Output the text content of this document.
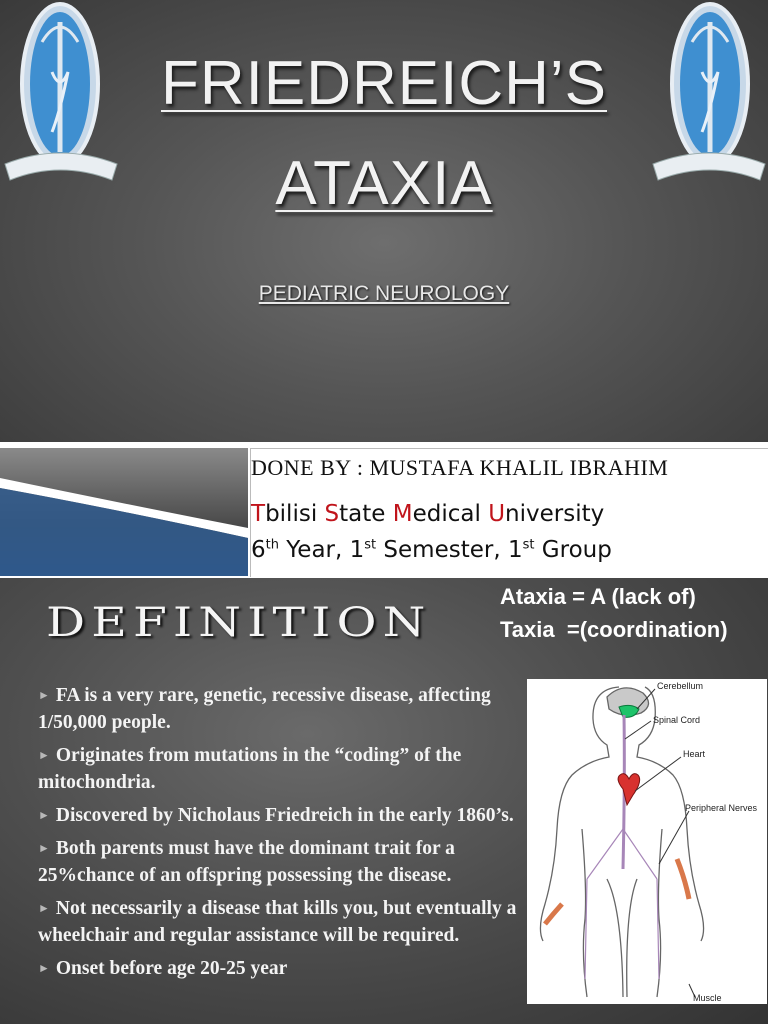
FRIEDREICH’S
ATAXIA
PEDIATRIC NEUROLOGY
DONE BY : MUSTAFA KHALIL IBRAHIM
Tbilisi State Medical University
6th Year, 1st Semester, 1st Group
DEFINITION
Ataxia = A (lack of)
Taxia  =(coordination)
► FA is a very rare, genetic, recessive disease, affecting 1/50,000 people.
► Originates from mutations in the “coding” of the mitochondria.
► Discovered by Nicholaus Friedreich in the early 1860’s.
► Both parents must have the dominant trait for a 25%chance of an offspring possessing the disease.
► Not necessarily a disease that kills you, but eventually a wheelchair and regular assistance will be required.
► Onset before age 20-25 year
Cerebellum
Spinal Cord
Heart
Peripheral Nerves
Muscle
